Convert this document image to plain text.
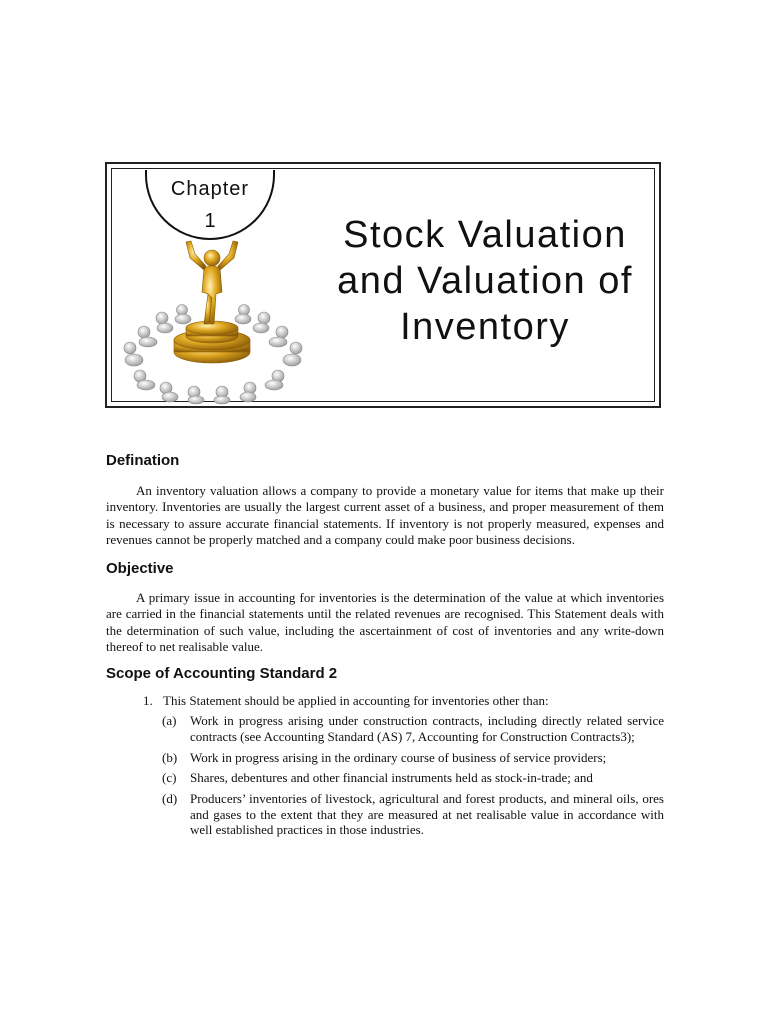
Chapter
1	Stock Valuation
and Valuation of
Inventory
Defination

An inventory valuation allows a company to provide a monetary value for items that make up their inventory. Inventories are usually the largest current asset of a business, and proper measurement of them is necessary to assure accurate financial statements. If inventory is not properly measured, expenses and revenues cannot be properly matched and a company could make poor business decisions.

Objective

A primary issue in accounting for inventories is the determination of the value at which inventories are carried in the financial statements until the related revenues are recognised. This Statement deals with the determination of such value, including the ascertainment of cost of inventories and any write-down thereof to net realisable value.

Scope of Accounting Standard 2
1. This Statement should be applied in accounting for inventories other than:
(a)	Work in progress arising under construction contracts, including directly related service contracts (see Accounting Standard (AS) 7, Accounting for Construction Contracts3);
(b) Work in progress arising in the ordinary course of business of service providers;
(c)	Shares, debentures and other financial instruments held as stock-in-trade; and
(d) Producers’ inventories of livestock, agricultural and forest products, and mineral oils, ores and gases to the extent that they are measured at net realisable value in accordance with well established practices in those industries.
